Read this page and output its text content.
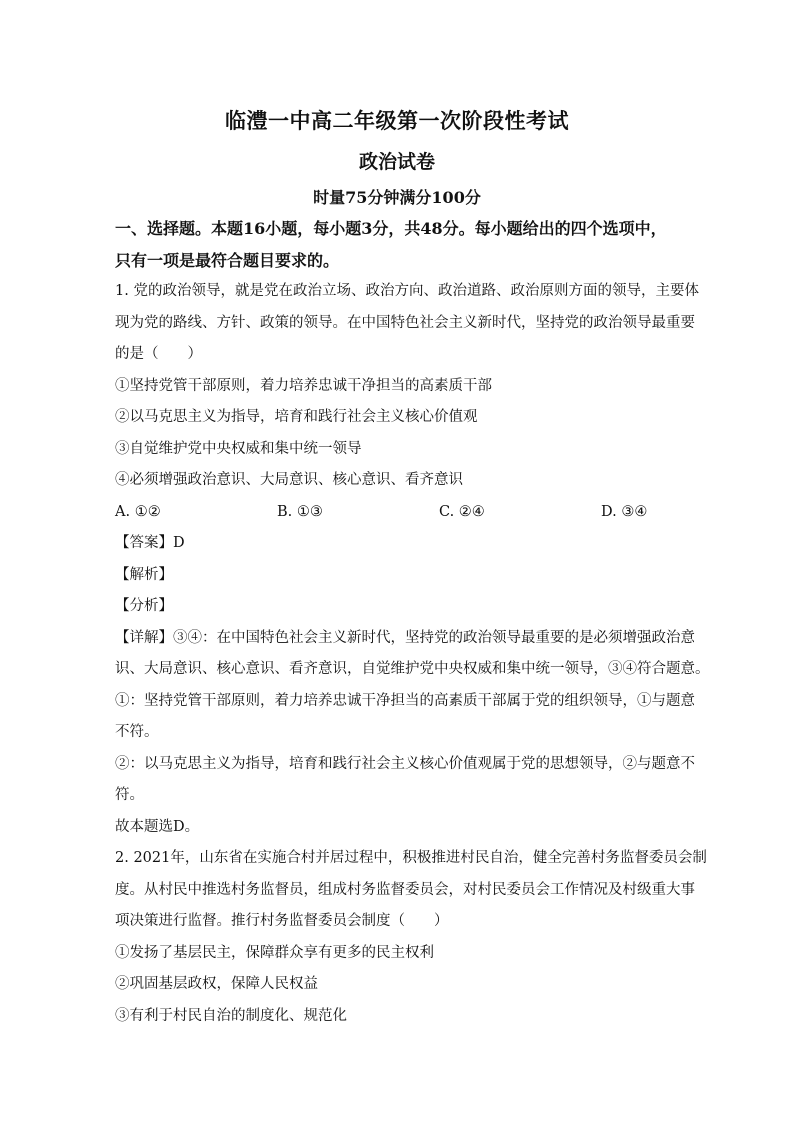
临澧一中高二年级第一次阶段性考试
政治试卷
时量75分钟满分100分
一、选择题。本题16小题，每小题3分，共48分。每小题给出的四个选项中，
只有一项是最符合题目要求的。
1. 党的政治领导，就是党在政治立场、政治方向、政治道路、政治原则方面的领导，主要体
现为党的路线、方针、政策的领导。在中国特色社会主义新时代，坚持党的政治领导最重要
的是（　　）
①坚持党管干部原则，着力培养忠诚干净担当的高素质干部
②以马克思主义为指导，培育和践行社会主义核心价值观
③自觉维护党中央权威和集中统一领导
④必须增强政治意识、大局意识、核心意识、看齐意识
A. ①②	B. ①③	C. ②④	D. ③④
【答案】D
【解析】
【分析】
【详解】③④：在中国特色社会主义新时代，坚持党的政治领导最重要的是必须增强政治意
识、大局意识、核心意识、看齐意识，自觉维护党中央权威和集中统一领导，③④符合题意。
①：坚持党管干部原则，着力培养忠诚干净担当的高素质干部属于党的组织领导，①与题意
不符。
②：以马克思主义为指导，培育和践行社会主义核心价值观属于党的思想领导，②与题意不
符。
故本题选D。
2. 2021年，山东省在实施合村并居过程中，积极推进村民自治，健全完善村务监督委员会制
度。从村民中推选村务监督员，组成村务监督委员会，对村民委员会工作情况及村级重大事
项决策进行监督。推行村务监督委员会制度（　　）
①发扬了基层民主，保障群众享有更多的民主权利
②巩固基层政权，保障人民权益
③有利于村民自治的制度化、规范化
